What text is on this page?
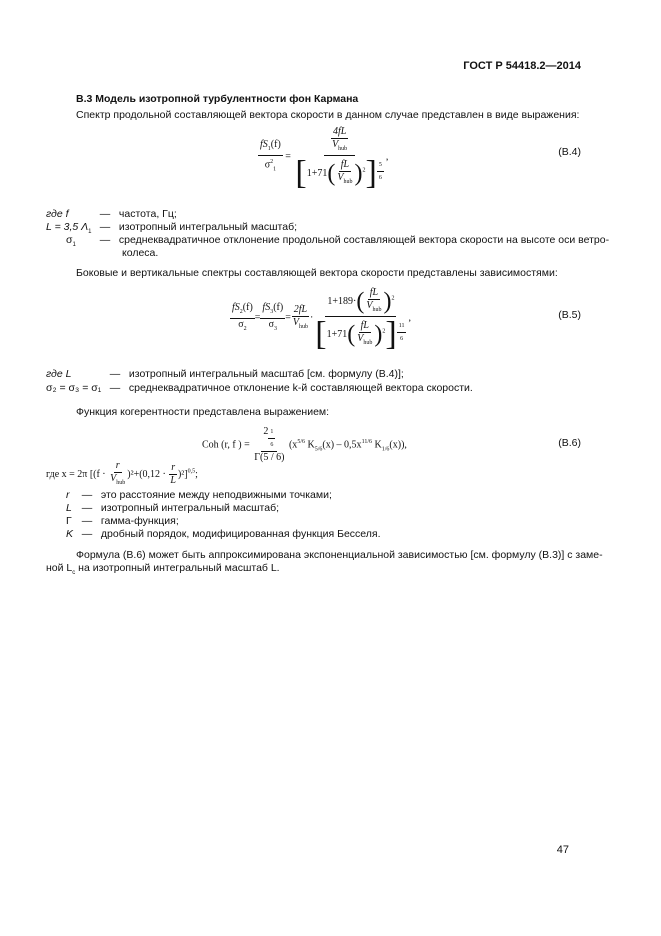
ГОСТ Р 54418.2—2014
В.3 Модель изотропной турбулентности фон Кармана
Спектр продольной составляющей вектора скорости в данном случае представлен в виде выражения:
$\frac{fS_1(f)}{\sigma^2_1} = \frac{\frac{4fL}{V_{hub}}}{[1+71( \frac{fL}{V_{hub}} )^2] \frac{5}{6}}$ ,	(B.4)
где f	— частота, Гц;
L = 3,5 $\Lambda_1$ — изотропный интегральный масштаб;
$\sigma_1$	— среднеквадратичное отклонение продольной составляющей вектора скорости на высоте оси ветро-
колеса.
Боковые и вертикальные спектры составляющей вектора скорости представлены зависимостями:
$\frac{fS_2(f)}{\sigma_2} = \frac{fS_3(f)}{\sigma_3} = \frac{2fL}{V_{hub}} \cdot \frac{1+189\cdot( \frac{fL}{V_{hub}} )^2}{[1+71( \frac{fL}{V_{hub}} )^2] \frac{11}{6}}$ ,	(B.5)
где L	— изотропный интегральный масштаб [см. формулу (В.4)];
σ₂ = σ₃ = σ₁ — среднеквадратичное отклонение k-й составляющей вектора скорости.
Функция когерентности представлена выражением:
Coh (r, f ) = $\frac{2 \frac{1}{6}}{\Gamma(5 / 6)} (x^{5/6}$ $K_{5/6}(x) - 0,5x^{11/6}$ $K_{1/6}(x)$),	(B.6)
где x = 2π $[(f \cdot \frac{r}{V_{hub}} )^2+(0,12 \cdot \frac{r}{L} )^2]^{0,5}$;
r	— это расстояние между неподвижными точками;
L — изотропный интегральный масштаб;
Γ — гамма-функция;
K — дробный порядок, модифицированная функция Бесселя.
Формула (В.6) может быть аппроксимирована экспоненциальной зависимостью [см. формулу (В.3)] с заме-
ной $L_c$ на изотропный интегральный масштаб L.
47
